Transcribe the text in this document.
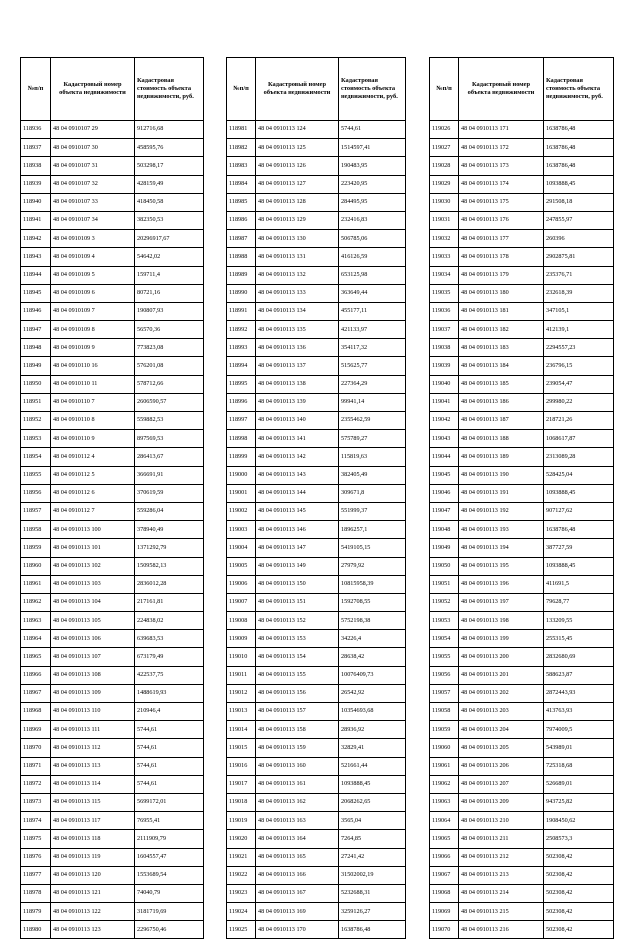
№п/п	Кадастровый номер объекта недвижимости	Кадастровая стоимость объекта недвижимости, руб.
118936	48 04 0910107 29	912716,68
118937	48 04 0910107 30	458595,76
118938	48 04 0910107 31	503298,17
118939	48 04 0910107 32	428159,49
118940	48 04 0910107 33	418450,58
118941	48 04 0910107 34	382350,53
118942	48 04 0910109 3	20296917,67
118943	48 04 0910109 4	54642,02
118944	48 04 0910109 5	159711,4
118945	48 04 0910109 6	80721,16
118946	48 04 0910109 7	190807,93
118947	48 04 0910109 8	56570,36
118948	48 04 0910109 9	773823,08
118949	48 04 0910110 16	576201,08
118950	48 04 0910110 11	578712,66
118951	48 04 0910110 7	2606590,57
118952	48 04 0910110 8	559882,53
118953	48 04 0910110 9	897569,53
118954	48 04 0910112 4	286413,67
118955	48 04 0910112 5	366691,91
118956	48 04 0910112 6	370619,59
118957	48 04 0910112 7	559286,04
118958	48 04 0910113 100	378940,49
118959	48 04 0910113 101	1371292,79
118960	48 04 0910113 102	1509582,13
118961	48 04 0910113 103	2836012,28
118962	48 04 0910113 104	217161,81
118963	48 04 0910113 105	224838,02
118964	48 04 0910113 106	639683,53
118965	48 04 0910113 107	673179,49
118966	48 04 0910113 108	422537,75
118967	48 04 0910113 109	1488619,93
118968	48 04 0910113 110	210946,4
118969	48 04 0910113 111	5744,61
118970	48 04 0910113 112	5744,61
118971	48 04 0910113 113	5744,61
118972	48 04 0910113 114	5744,61
118973	48 04 0910113 115	5699172,01
118974	48 04 0910113 117	76955,41
118975	48 04 0910113 118	2111909,79
118976	48 04 0910113 119	1604557,47
118977	48 04 0910113 120	1553689,54
118978	48 04 0910113 121	74040,79
118979	48 04 0910113 122	3181719,69
118980	48 04 0910113 123	2296750,46
№п/п	Кадастровый номер объекта недвижимости	Кадастровая стоимость объекта недвижимости, руб.
118981	48 04 0910113 124	5744,61
118982	48 04 0910113 125	1514597,41
118983	48 04 0910113 126	190483,95
118984	48 04 0910113 127	223420,95
118985	48 04 0910113 128	284495,95
118986	48 04 0910113 129	232416,83
118987	48 04 0910113 130	506785,06
118988	48 04 0910113 131	416126,59
118989	48 04 0910113 132	653125,98
118990	48 04 0910113 133	363649,44
118991	48 04 0910113 134	455177,11
118992	48 04 0910113 135	421133,97
118993	48 04 0910113 136	354117,32
118994	48 04 0910113 137	515625,77
118995	48 04 0910113 138	227364,29
118996	48 04 0910113 139	99941,14
118997	48 04 0910113 140	2355462,59
118998	48 04 0910113 141	575789,27
118999	48 04 0910113 142	115819,63
119000	48 04 0910113 143	382405,49
119001	48 04 0910113 144	309671,8
119002	48 04 0910113 145	551999,37
119003	48 04 0910113 146	1896257,1
119004	48 04 0910113 147	5419105,15
119005	48 04 0910113 149	27979,92
119006	48 04 0910113 150	10815958,39
119007	48 04 0910113 151	1592708,55
119008	48 04 0910113 152	5752198,38
119009	48 04 0910113 153	34226,4
119010	48 04 0910113 154	28638,42
119011	48 04 0910113 155	10076409,73
119012	48 04 0910113 156	26542,92
119013	48 04 0910113 157	10354693,68
119014	48 04 0910113 158	28936,92
119015	48 04 0910113 159	32829,41
119016	48 04 0910113 160	521661,44
119017	48 04 0910113 161	1093888,45
119018	48 04 0910113 162	2068262,65
119019	48 04 0910113 163	3565,04
119020	48 04 0910113 164	7264,85
119021	48 04 0910113 165	27241,42
119022	48 04 0910113 166	31502002,19
119023	48 04 0910113 167	5232688,31
119024	48 04 0910113 169	3259126,27
119025	48 04 0910113 170	1638786,48
№п/п	Кадастровый номер объекта недвижимости	Кадастровая стоимость объекта недвижимости, руб.
119026	48 04 0910113 171	1638786,48
119027	48 04 0910113 172	1638786,48
119028	48 04 0910113 173	1638786,48
119029	48 04 0910113 174	1093888,45
119030	48 04 0910113 175	291508,18
119031	48 04 0910113 176	247855,97
119032	48 04 0910113 177	260396
119033	48 04 0910113 178	2902875,81
119034	48 04 0910113 179	235376,71
119035	48 04 0910113 180	232618,39
119036	48 04 0910113 181	347105,1
119037	48 04 0910113 182	412139,1
119038	48 04 0910113 183	2294557,23
119039	48 04 0910113 184	236796,15
119040	48 04 0910113 185	239054,47
119041	48 04 0910113 186	299980,22
119042	48 04 0910113 187	218721,26
119043	48 04 0910113 188	1068617,87
119044	48 04 0910113 189	2313089,28
119045	48 04 0910113 190	528425,04
119046	48 04 0910113 191	1093888,45
119047	48 04 0910113 192	907127,62
119048	48 04 0910113 193	1638786,48
119049	48 04 0910113 194	387727,59
119050	48 04 0910113 195	1093888,45
119051	48 04 0910113 196	411691,5
119052	48 04 0910113 197	79628,77
119053	48 04 0910113 198	133209,55
119054	48 04 0910113 199	255315,45
119055	48 04 0910113 200	2832680,69
119056	48 04 0910113 201	588623,87
119057	48 04 0910113 202	2872443,93
119058	48 04 0910113 203	413763,93
119059	48 04 0910113 204	7974009,5
119060	48 04 0910113 205	543989,01
119061	48 04 0910113 206	725318,68
119062	48 04 0910113 207	526689,01
119063	48 04 0910113 209	943725,82
119064	48 04 0910113 210	1908450,62
119065	48 04 0910113 211	2508573,3
119066	48 04 0910113 212	502308,42
119067	48 04 0910113 213	502308,42
119068	48 04 0910113 214	502308,42
119069	48 04 0910113 215	502308,42
119070	48 04 0910113 216	502308,42
